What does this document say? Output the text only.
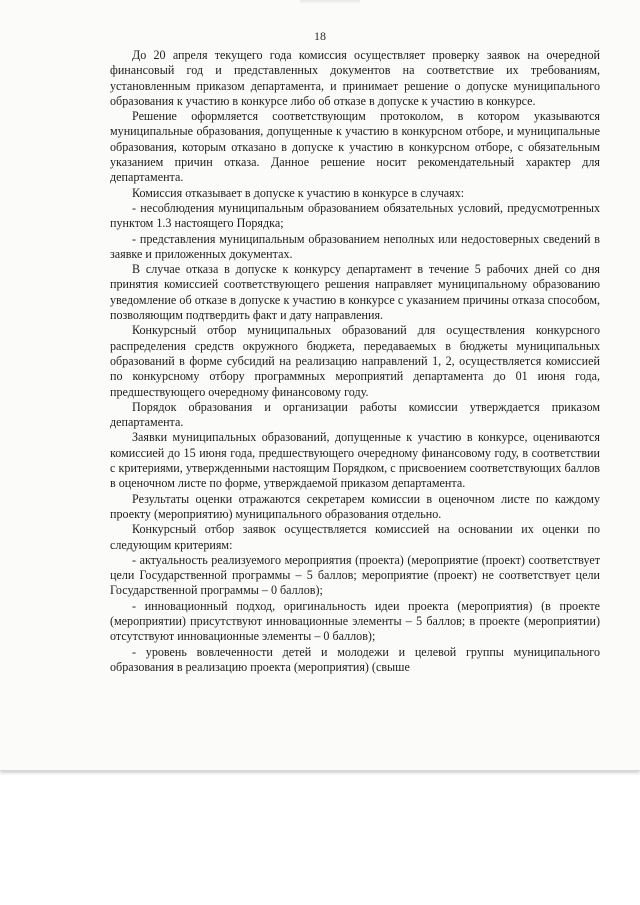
18

До 20 апреля текущего года комиссия осуществляет проверку заявок на очередной финансовый год и представленных документов на соответствие их требованиям, установленным приказом департамента, и принимает решение о допуске муниципального образования к участию в конкурсе либо об отказе в допуске к участию в конкурсе.

Решение оформляется соответствующим протоколом, в котором указываются муниципальные образования, допущенные к участию в конкурсном отборе, и муниципальные образования, которым отказано в допуске к участию в конкурсном отборе, с обязательным указанием причин отказа. Данное решение носит рекомендательный характер для департамента.

Комиссия отказывает в допуске к участию в конкурсе в случаях:

- несоблюдения муниципальным образованием обязательных условий, предусмотренных пунктом 1.3 настоящего Порядка;

- представления муниципальным образованием неполных или недостоверных сведений в заявке и приложенных документах.

В случае отказа в допуске к конкурсу департамент в течение 5 рабочих дней со дня принятия комиссией соответствующего решения направляет муниципальному образованию уведомление об отказе в допуске к участию в конкурсе с указанием причины отказа способом, позволяющим подтвердить факт и дату направления.

Конкурсный отбор муниципальных образований для осуществления конкурсного распределения средств окружного бюджета, передаваемых в бюджеты муниципальных образований в форме субсидий на реализацию направлений 1, 2, осуществляется комиссией по конкурсному отбору программных мероприятий департамента до 01 июня года, предшествующего очередному финансовому году.

Порядок образования и организации работы комиссии утверждается приказом департамента.

Заявки муниципальных образований, допущенные к участию в конкурсе, оцениваются комиссией до 15 июня года, предшествующего очередному финансовому году, в соответствии с критериями, утвержденными настоящим Порядком, с присвоением соответствующих баллов в оценочном листе по форме, утверждаемой приказом департамента.

Результаты оценки отражаются секретарем комиссии в оценочном листе по каждому проекту (мероприятию) муниципального образования отдельно.

Конкурсный отбор заявок осуществляется комиссией на основании их оценки по следующим критериям:

- актуальность реализуемого мероприятия (проекта) (мероприятие (проект) соответствует цели Государственной программы – 5 баллов; мероприятие (проект) не соответствует цели Государственной программы – 0 баллов);

- инновационный подход, оригинальность идеи проекта (мероприятия) (в проекте (мероприятии) присутствуют инновационные элементы – 5 баллов; в проекте (мероприятии) отсутствуют инновационные элементы – 0 баллов);

- уровень вовлеченности детей и молодежи и целевой группы муниципального образования в реализацию проекта (мероприятия) (свыше
